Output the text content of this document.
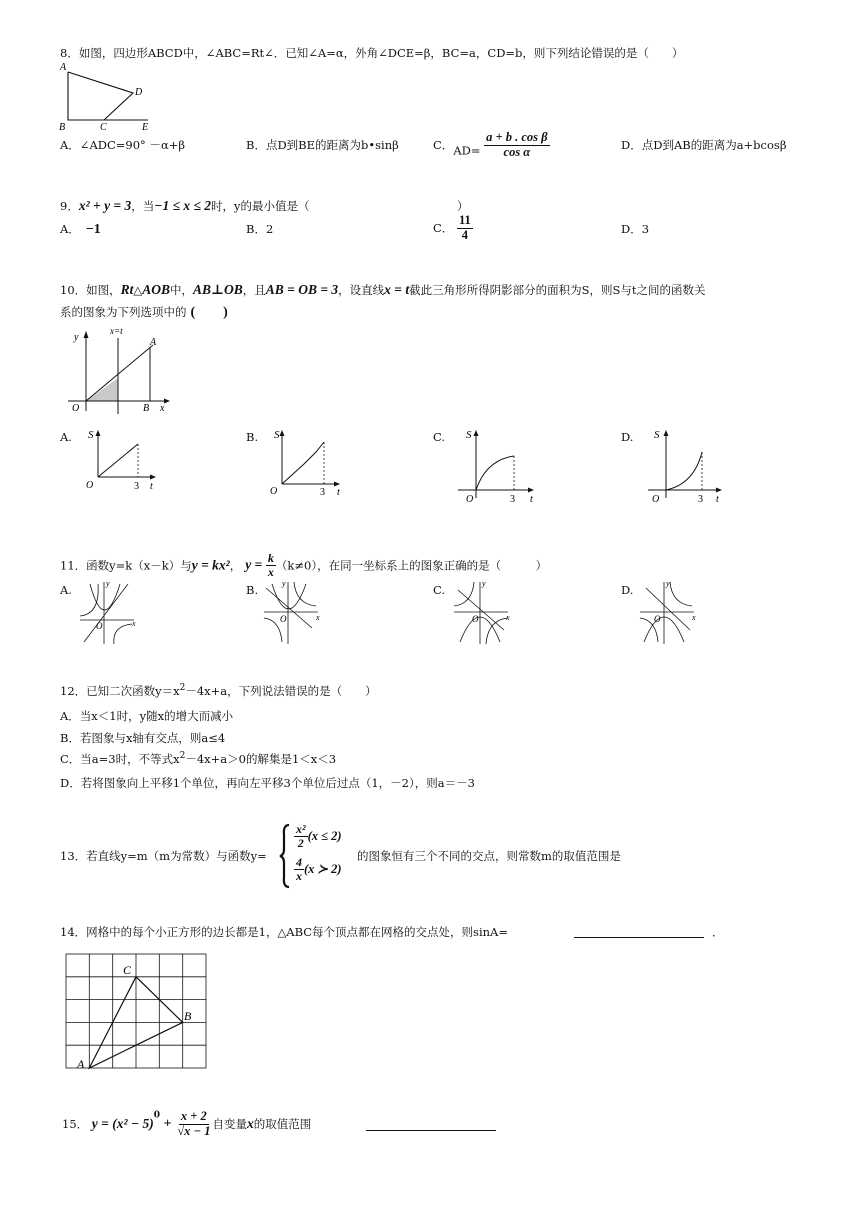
8．如图，四边形ABCD中，∠ABC=Rt∠．已知∠A=α，外角∠DCE=β，BC=a，CD=b，则下列结论错误的是（　　）
A
D
B	C	E
A．∠ADC=90° －α+β	B．点D到BE的距离为b•sinβ	C．$AD= \frac{\text{a + b . cos β}}{\text{cos α}}$	D．点D到AB的距离为a+bcosβ
9．x² + y = 3，当−1 ≤ x ≤ 2时，y的最小值是（	）
A． −1	B．2	C． $\frac{11}{4}$	D．3
10．如图，Rt△AOB中，AB⊥OB，且AB = OB = 3，设直线x = t截此三角形所得阴影部分的面积为S，则S与t之间的函数关
系的图象为下列选项中的 (　　)
y
x=t
A
O	B x
A.	B.	C.	D.
S
O	3 t
S
O	3 t
S
O	3 t
S
O	3 t
11．函数y=k（x－k）与y = kx²， $y = \frac{k}{x} (k\ne 0)$，在同一坐标系上的图象正确的是（　　　）
A.	B.	C.	D.
y
O	x
y
O	x
y
O	x
y
O	x
12．已知二次函数$y=x^2-4x+a$，下列说法错误的是（　　）
A．当x＜1时，y随x的增大而减小
B．若图象与x轴有交点，则a≤4
C．当a=3时，不等式$x^2-4x+a>0$的解集是1＜x＜3
D．若将图象向上平移1个单位，再向左平移3个单位后过点（1，－2），则a＝－3
13．若直线y=m（m为常数）与函数y=
$\frac{\text{x²}}{2} (x \le 2)$
$\frac{4}{x} (x$ ≻ 2)
的图象恒有三个不同的交点，则常数m的取值范围是
14．网格中的每个小正方形的边长都是1，△ABC每个顶点都在网格的交点处，则sinA=	．
C
B
A
15． $y = (x^2 - 5)^0 + \frac{x + 2}{√x - 1}$ 自变量x的取值范围
